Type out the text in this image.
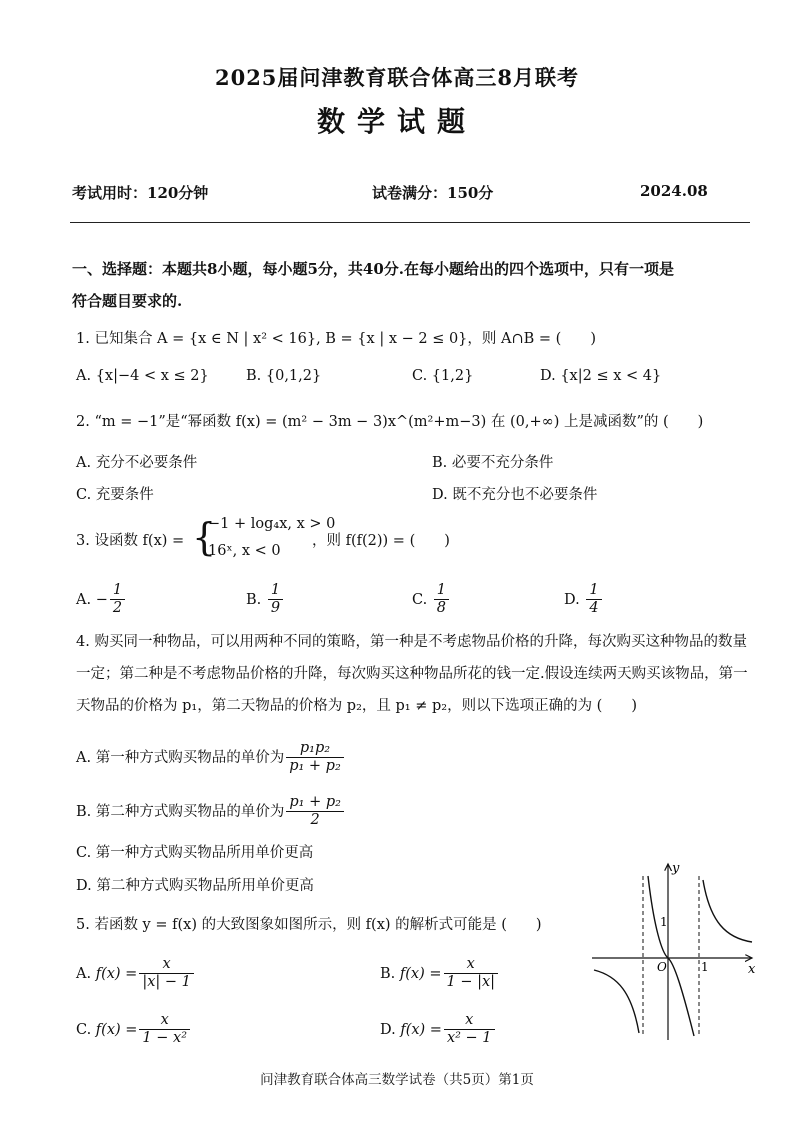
2025届问津教育联合体高三8月联考
数学试题
考试用时：120分钟	试卷满分：150分	2024.08
一、选择题：本题共8小题，每小题5分，共40分.在每小题给出的四个选项中，只有一项是
符合题目要求的.
1. 已知集合 A = {x ∈ N | x² < 16}, B = {x | x − 2 ≤ 0}，则 A∩B = (　　)
A. {x|−4 < x ≤ 2}	B. {0,1,2}	C. {1,2}	D. {x|2 ≤ x < 4}
2. “m = −1”是“幂函数 f(x) = (m² − 3m − 3)x^(m²+m−3) 在 (0,+∞) 上是减函数”的 (　　)
A. 充分不必要条件	B. 必要不充分条件
C. 充要条件	D. 既不充分也不必要条件
3. 设函数 f(x) = {
−1 + log₄x, x > 0
16ˣ, x < 0
，则 f(f(2)) = (　　)
A. − $\frac{1}{2}$	B. $\frac{1}{9}$	C. $\frac{1}{8}$	D. $\frac{1}{4}$
4. 购买同一种物品，可以用两种不同的策略，第一种是不考虑物品价格的升降，每次购买这种物品的数量
一定；第二种是不考虑物品价格的升降，每次购买这种物品所花的钱一定.假设连续两天购买该物品，第一
天物品的价格为 p₁，第二天物品的价格为 p₂，且 p₁ ≠ p₂，则以下选项正确的为 (　　)
A. 第一种方式购买物品的单价为 $\frac{\text{p₁p₂}}{\text{p₁ + p₂}}$
B. 第二种方式购买物品的单价为 $\frac{\text{p₁ + p₂}}{2}$
C. 第一种方式购买物品所用单价更高
D. 第二种方式购买物品所用单价更高
5. 若函数 y = f(x) 的大致图象如图所示，则 f(x) 的解析式可能是 (　　)
A. $f(x) = \frac{x}{|x| - 1}$	B. $f(x) = \frac{x}{1 - |x|}$
C. $f(x) = \frac{x}{\text{1 − x²}}$	D. $f(x) = \frac{x}{\text{x² − 1}}$
y
x
O	1
1
问津教育联合体高三数学试卷（共5页）第1页
